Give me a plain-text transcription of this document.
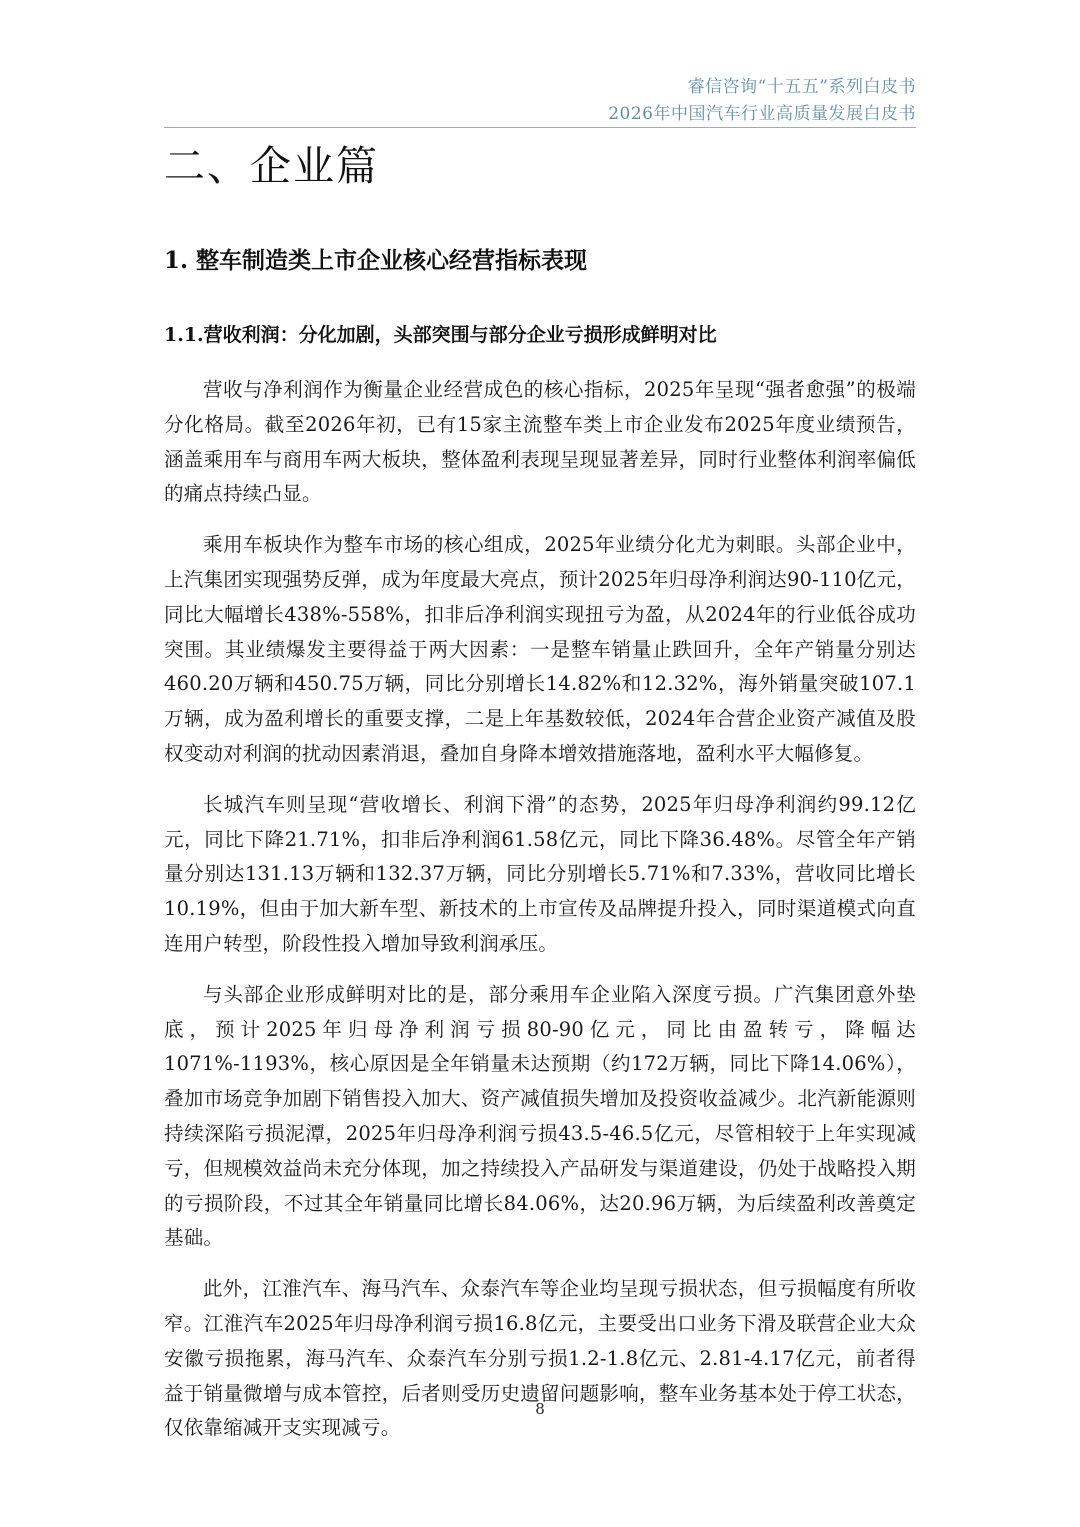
睿信咨询“十五五”系列白皮书
2026年中国汽车行业高质量发展白皮书
二、企业篇
1. 整车制造类上市企业核心经营指标表现
1.1.营收利润：分化加剧，头部突围与部分企业亏损形成鲜明对比

营收与净利润作为衡量企业经营成色的核心指标，2025年呈现“强者愈强”的极端分化格局。截至2026年初，已有15家主流整车类上市企业发布2025年度业绩预告，涵盖乘用车与商用车两大板块，整体盈利表现呈现显著差异，同时行业整体利润率偏低的痛点持续凸显。

乘用车板块作为整车市场的核心组成，2025年业绩分化尤为刺眼。头部企业中，上汽集团实现强势反弹，成为年度最大亮点，预计2025年归母净利润达90-110亿元，同比大幅增长438%-558%，扣非后净利润实现扭亏为盈，从2024年的行业低谷成功突围。其业绩爆发主要得益于两大因素：一是整车销量止跌回升，全年产销量分别达460.20万辆和450.75万辆，同比分别增长14.82%和12.32%，海外销量突破107.1万辆，成为盈利增长的重要支撑，二是上年基数较低，2024年合营企业资产减值及股权变动对利润的扰动因素消退，叠加自身降本增效措施落地，盈利水平大幅修复。

长城汽车则呈现“营收增长、利润下滑”的态势，2025年归母净利润约99.12亿元，同比下降21.71%，扣非后净利润61.58亿元，同比下降36.48%。尽管全年产销量分别达131.13万辆和132.37万辆，同比分别增长5.71%和7.33%，营收同比增长10.19%，但由于加大新车型、新技术的上市宣传及品牌提升投入，同时渠道模式向直连用户转型，阶段性投入增加导致利润承压。

与头部企业形成鲜明对比的是，部分乘用车企业陷入深度亏损。广汽集团意外垫底，预计2025年归母净利润亏损80-90亿元，同比由盈转亏，降幅达1071%-1193%，核心原因是全年销量未达预期（约172万辆，同比下降14.06%），叠加市场竞争加剧下销售投入加大、资产减值损失增加及投资收益减少。北汽新能源则持续深陷亏损泥潭，2025年归母净利润亏损43.5-46.5亿元，尽管相较于上年实现减亏，但规模效益尚未充分体现，加之持续投入产品研发与渠道建设，仍处于战略投入期的亏损阶段，不过其全年销量同比增长84.06%，达20.96万辆，为后续盈利改善奠定基础。

此外，江淮汽车、海马汽车、众泰汽车等企业均呈现亏损状态，但亏损幅度有所收窄。江淮汽车2025年归母净利润亏损16.8亿元，主要受出口业务下滑及联营企业大众安徽亏损拖累，海马汽车、众泰汽车分别亏损1.2-1.8亿元、2.81-4.17亿元，前者得益于销量微增与成本管控，后者则受历史遗留问题影响，整车业务基本处于停工状态，仅依靠缩减开支实现减亏。

8
